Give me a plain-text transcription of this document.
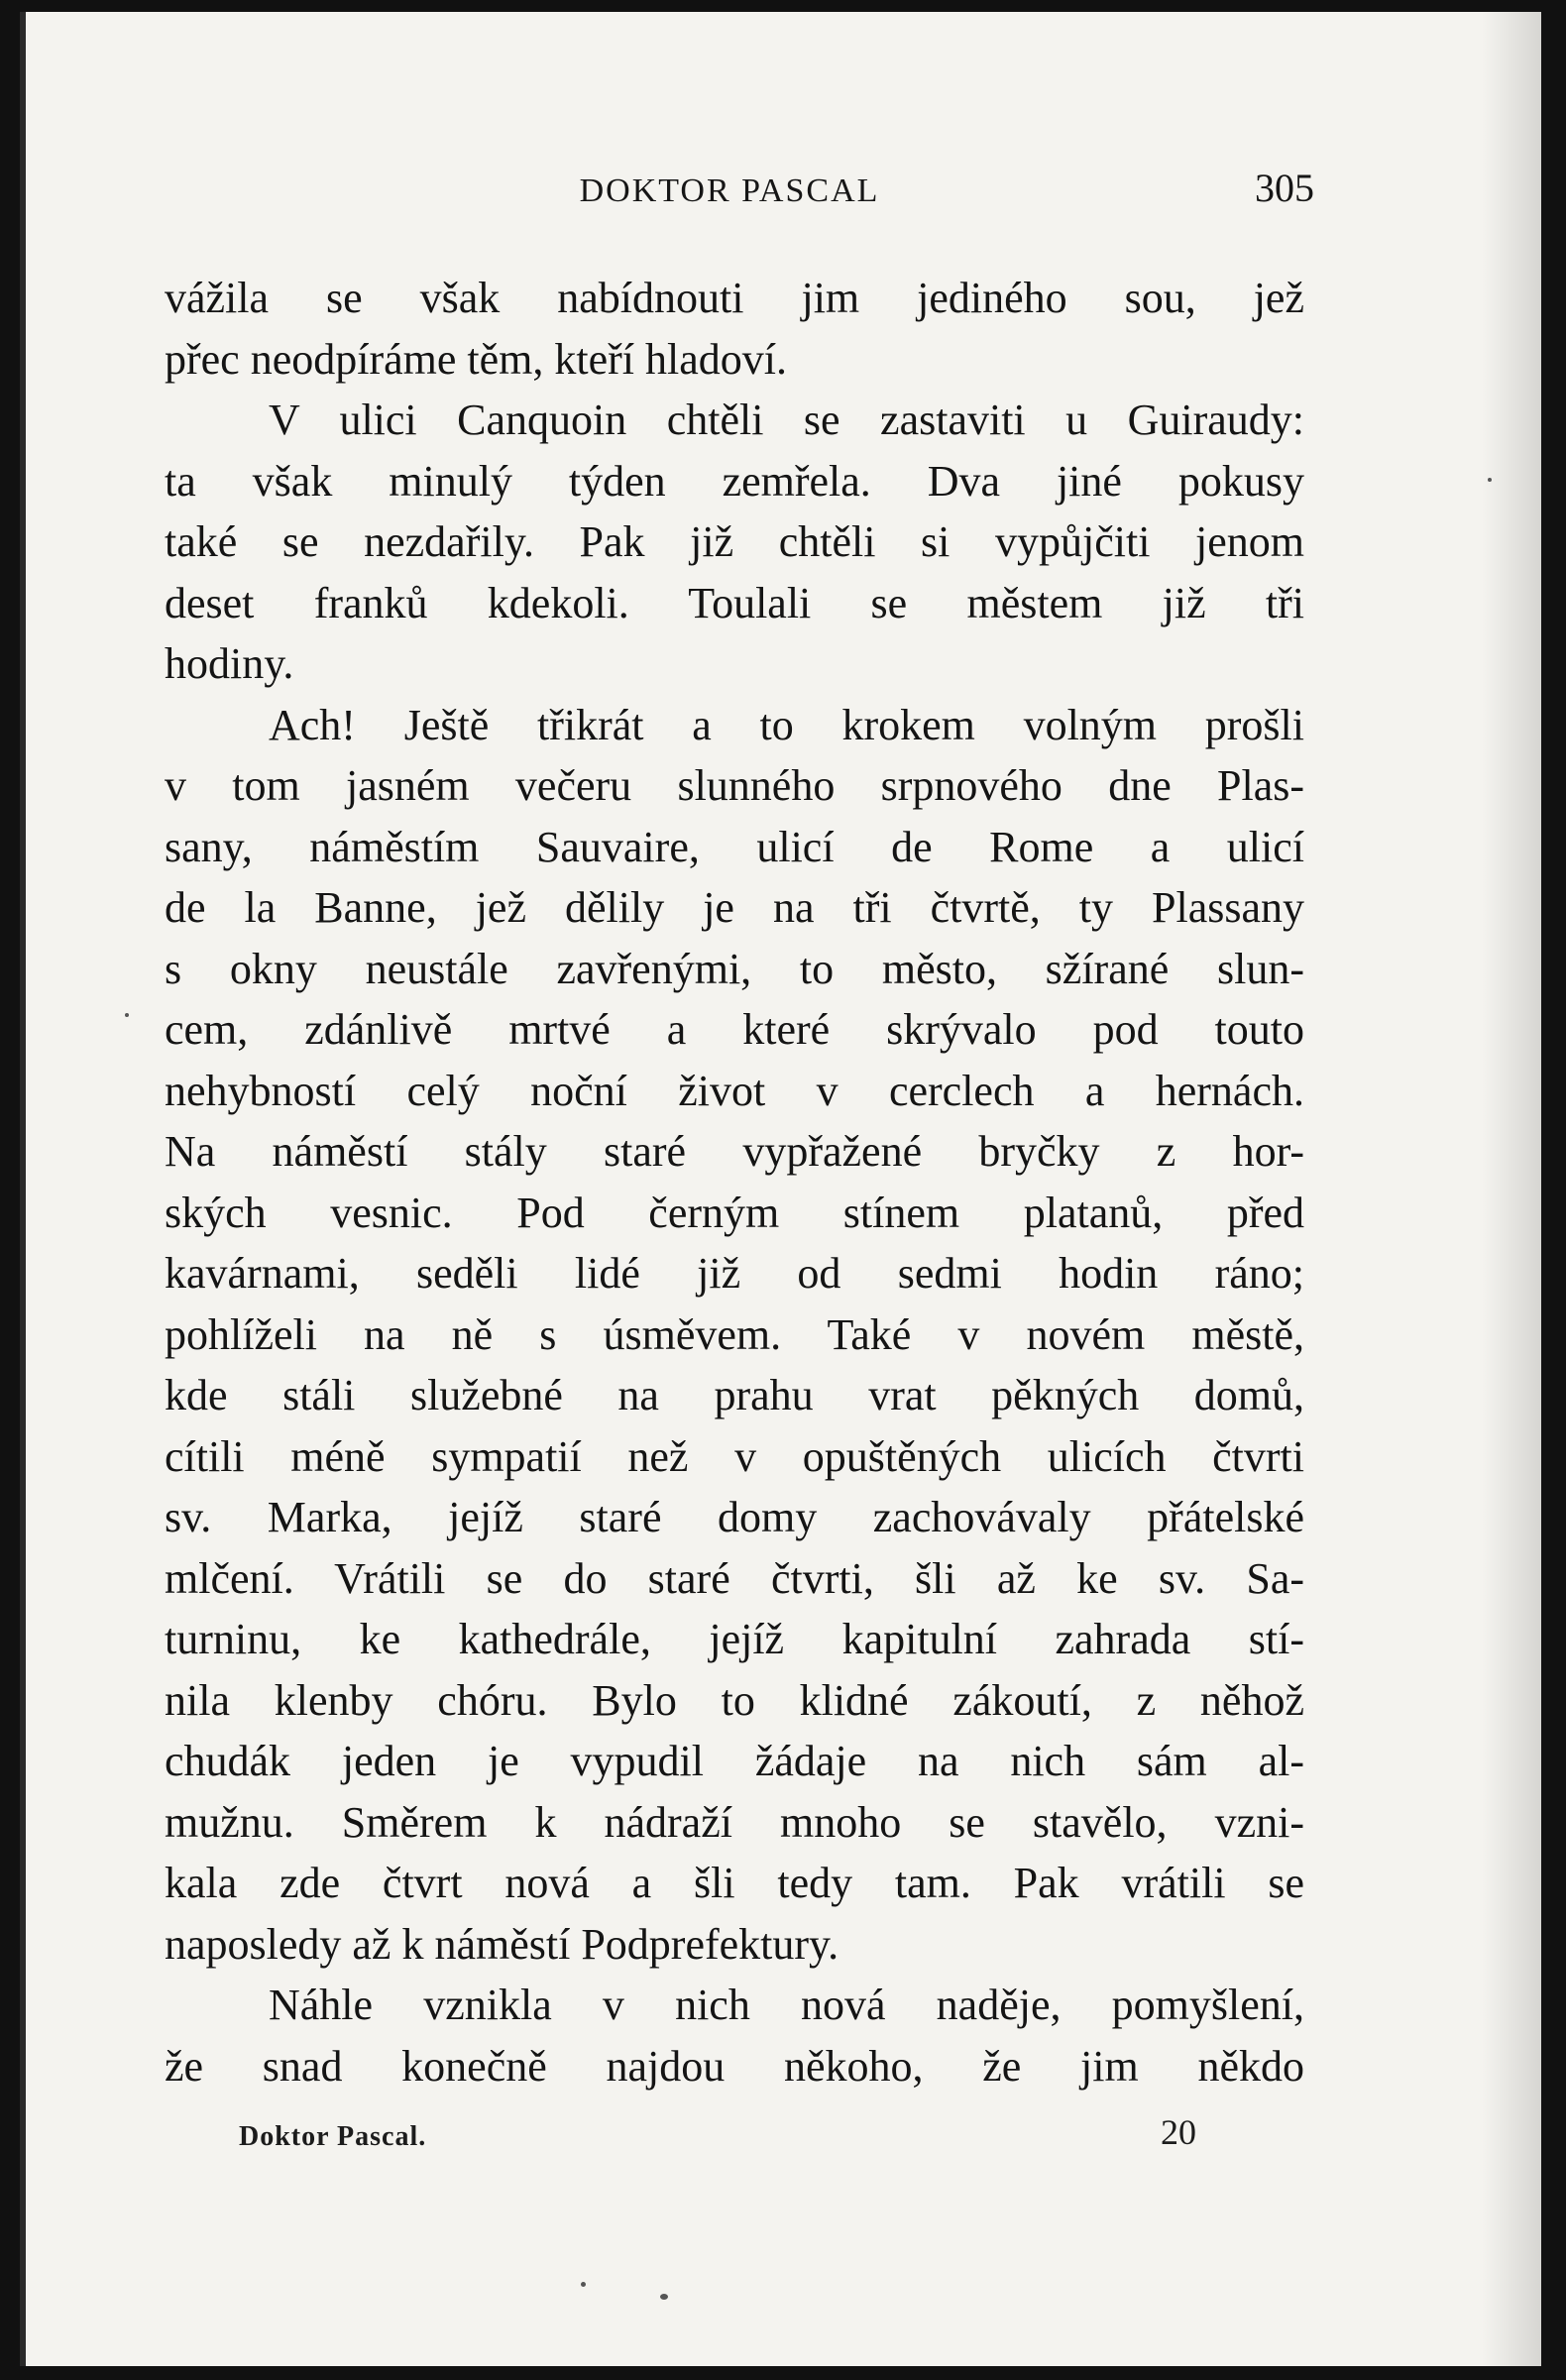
DOKTOR PASCAL	305
vážila se však nabídnouti jim jediného sou, jež
přec neodpíráme těm, kteří hladoví.
V ulici Canquoin chtěli se zastaviti u Guiraudy:
ta však minulý týden zemřela. Dva jiné pokusy
také se nezdařily. Pak již chtěli si vypůjčiti jenom
deset franků kdekoli. Toulali se městem již tři
hodiny.
Ach! Ještě třikrát a to krokem volným prošli
v tom jasném večeru slunného srpnového dne Plas-
sany, náměstím Sauvaire, ulicí de Rome a ulicí
de la Banne, jež dělily je na tři čtvrtě, ty Plassany
s okny neustále zavřenými, to město, sžírané slun-
cem, zdánlivě mrtvé a které skrývalo pod touto
nehybností celý noční život v cerclech a hernách.
Na náměstí stály staré vypřažené bryčky z hor-
ských vesnic. Pod černým stínem platanů, před
kavárnami, seděli lidé již od sedmi hodin ráno;
pohlíželi na ně s úsměvem. Také v novém městě,
kde stáli služebné na prahu vrat pěkných domů,
cítili méně sympatií než v opuštěných ulicích čtvrti
sv. Marka, jejíž staré domy zachovávaly přátelské
mlčení. Vrátili se do staré čtvrti, šli až ke sv. Sa-
turninu, ke kathedrále, jejíž kapitulní zahrada stí-
nila klenby chóru. Bylo to klidné zákoutí, z něhož
chudák jeden je vypudil žádaje na nich sám al-
mužnu. Směrem k nádraží mnoho se stavělo, vzni-
kala zde čtvrt nová a šli tedy tam. Pak vrátili se
naposledy až k náměstí Podprefektury.
Náhle vznikla v nich nová naděje, pomyšlení,
že snad konečně najdou někoho, že jim někdo
Doktor Pascal.	20
